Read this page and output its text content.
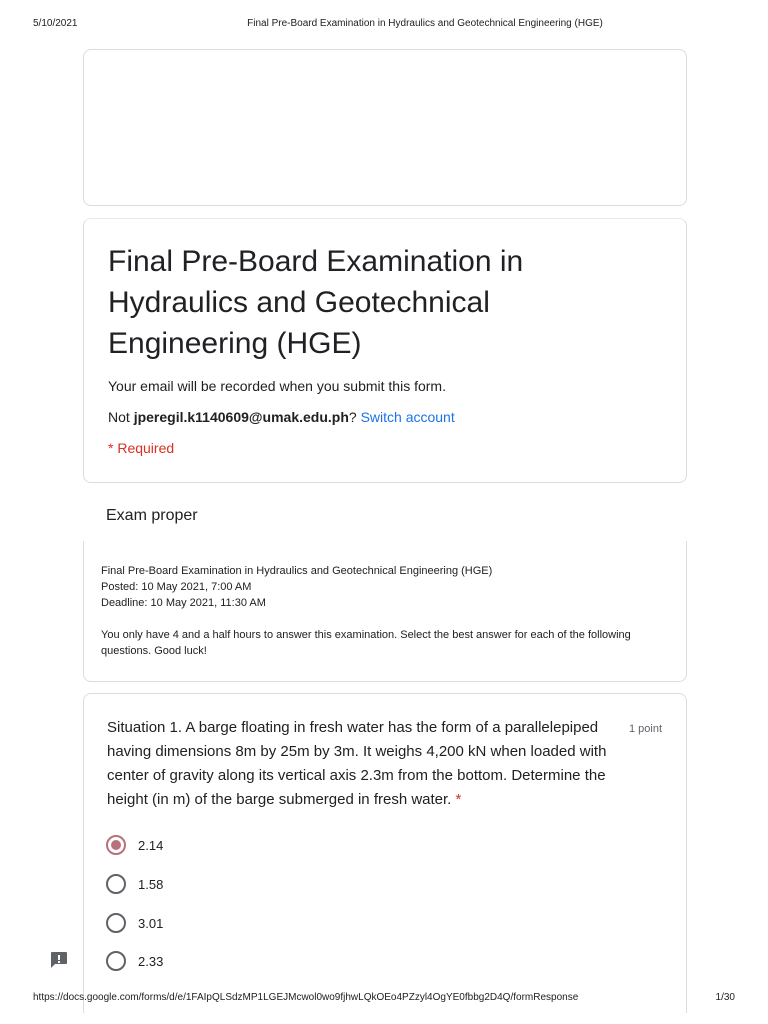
5/10/2021	Final Pre-Board Examination in Hydraulics and Geotechnical Engineering (HGE)
Final Pre-Board Examination in Hydraulics and Geotechnical Engineering (HGE)
Your email will be recorded when you submit this form.
Not jperegil.k1140609@umak.edu.ph? Switch account
* Required
Exam proper
Final Pre-Board Examination in Hydraulics and Geotechnical Engineering (HGE)
Posted: 10 May 2021, 7:00 AM
Deadline: 10 May 2021, 11:30 AM
You only have 4 and a half hours to answer this examination. Select the best answer for each of the following questions. Good luck!
Situation 1. A barge floating in fresh water has the form of a parallelepiped having dimensions 8m by 25m by 3m. It weighs 4,200 kN when loaded with center of gravity along its vertical axis 2.3m from the bottom. Determine the height (in m) of the barge submerged in fresh water. *
1 point
2.14
1.58
3.01
2.33
https://docs.google.com/forms/d/e/1FAIpQLSdzMP1LGEJMcwol0wo9fjhwLQkOEo4PZzyl4OgYE0fbbg2D4Q/formResponse	1/30
